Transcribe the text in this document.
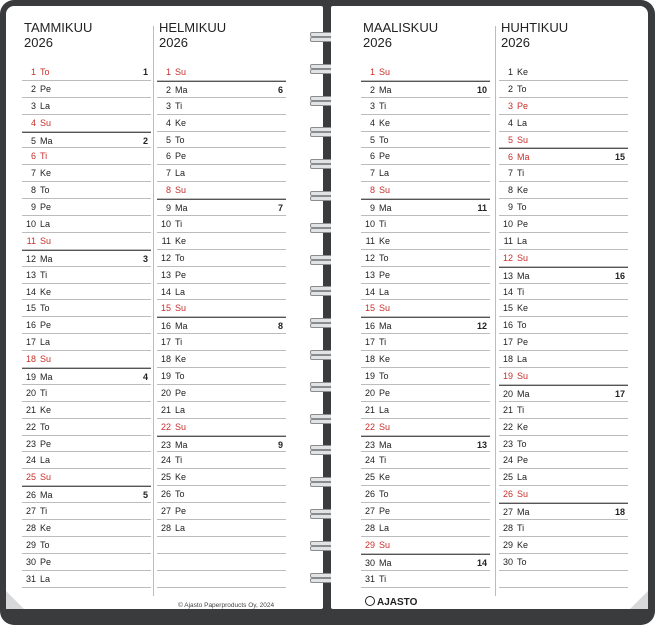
TAMMIKUU
2026
1 To	1
2 Pe
3 La
4 Su
5 Ma	2
6 Ti
7 Ke
8 To
9 Pe
10 La
11 Su
12 Ma	3
13 Ti
14 Ke
15 To
16 Pe
17 La
18 Su
19 Ma	4
20 Ti
21 Ke
22 To
23 Pe
24 La
25 Su
26 Ma	5
27 Ti
28 Ke
29 To
30 Pe
31 La
HELMIKUU
2026
1 Su
2 Ma	6
3 Ti
4 Ke
5 To
6 Pe
7 La
8 Su
9 Ma	7
10 Ti
11 Ke
12 To
13 Pe
14 La
15 Su
16 Ma	8
17 Ti
18 Ke
19 To
20 Pe
21 La
22 Su
23 Ma	9
24 Ti
25 Ke
26 To
27 Pe
28 La
© Ajasto Paperproducts Oy, 2024
MAALISKUU
2026
1 Su
2 Ma	10
3 Ti
4 Ke
5 To
6 Pe
7 La
8 Su
9 Ma	11
10 Ti
11 Ke
12 To
13 Pe
14 La
15 Su
16 Ma	12
17 Ti
18 Ke
19 To
20 Pe
21 La
22 Su
23 Ma	13
24 Ti
25 Ke
26 To
27 Pe
28 La
29 Su
30 Ma	14
31 Ti
HUHTIKUU
2026
1 Ke
2 To
3 Pe
4 La
5 Su
6 Ma	15
7 Ti
8 Ke
9 To
10 Pe
11 La
12 Su
13 Ma	16
14 Ti
15 Ke
16 To
17 Pe
18 La
19 Su
20 Ma	17
21 Ti
22 Ke
23 To
24 Pe
25 La
26 Su
27 Ma	18
28 Ti
29 Ke
30 To
AJASTO
